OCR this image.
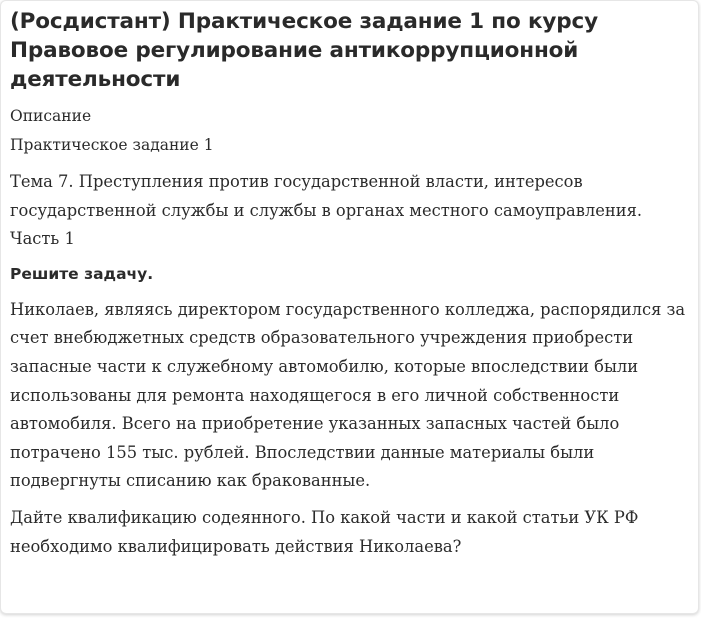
(Росдистант) Практическое задание 1 по курсу Правовое регулирование антикоррупционной деятельности
Описание
Практическое задание 1

Тема 7. Преступления против государственной власти, интересов государственной службы и службы в органах местного самоуправления. Часть 1

Решите задачу.

Николаев, являясь директором государственного колледжа, распорядился за счет внебюджетных средств образовательного учреждения приобрести запасные части к служебному автомобилю, которые впоследствии были использованы для ремонта находящегося в его личной собственности автомобиля. Всего на приобретение указанных запасных частей было потрачено 155 тыс. рублей. Впоследствии данные материалы были подвергнуты списанию как бракованные.

Дайте квалификацию содеянного. По какой части и какой статьи УК РФ необходимо квалифицировать действия Николаева?
